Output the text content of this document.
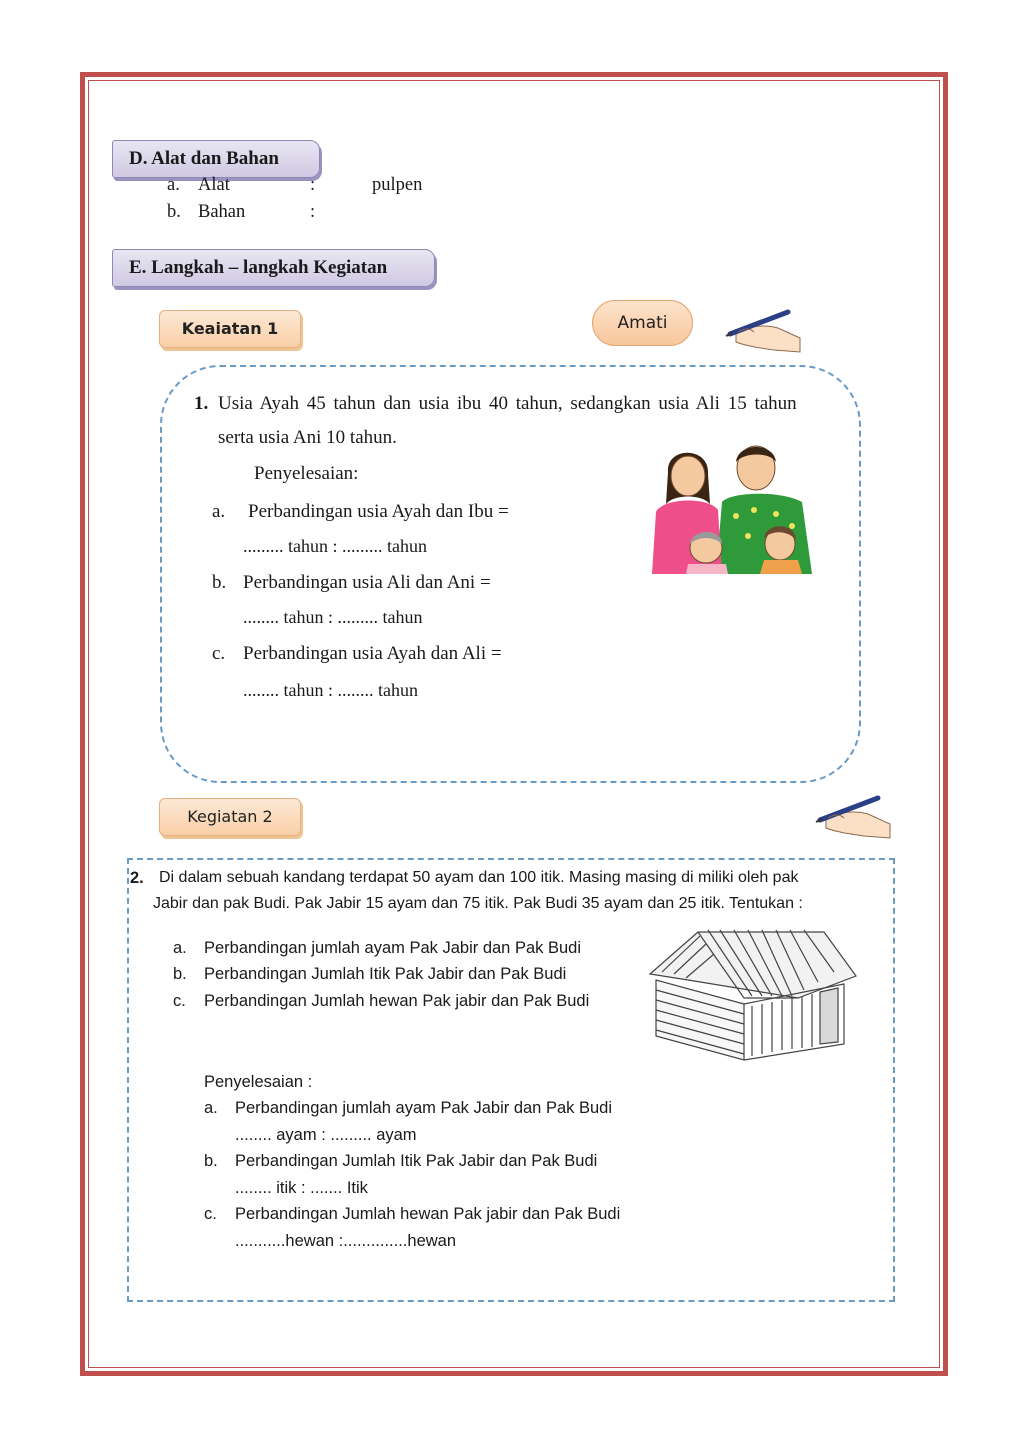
D. Alat dan Bahan
a. Alat	:	pulpen
b. Bahan	:
E. Langkah – langkah Kegiatan
Keaiatan 1	Amati
1. Usia Ayah 45 tahun dan usia ibu 40 tahun, sedangkan usia Ali 15 tahun
serta usia Ani 10 tahun.
Penyelesaian:
a. Perbandingan usia Ayah dan Ibu =
......... tahun : ......... tahun
b. Perbandingan usia Ali dan Ani =
........ tahun : ......... tahun
c. Perbandingan usia Ayah dan Ali =
........ tahun : ........ tahun
Kegiatan 2
2. Di dalam sebuah kandang terdapat 50 ayam dan 100 itik. Masing masing di miliki oleh pak
Jabir dan pak Budi. Pak Jabir 15 ayam dan 75 itik. Pak Budi 35 ayam dan 25 itik. Tentukan :
a. Perbandingan jumlah ayam Pak Jabir dan Pak Budi
b. Perbandingan Jumlah Itik Pak Jabir dan Pak Budi
c. Perbandingan Jumlah hewan Pak jabir dan Pak Budi
Penyelesaian :
a. Perbandingan jumlah ayam Pak Jabir dan Pak Budi
........ ayam : ......... ayam
b. Perbandingan Jumlah Itik Pak Jabir dan Pak Budi
........ itik : ....... Itik
c. Perbandingan Jumlah hewan Pak jabir dan Pak Budi
...........hewan :..............hewan
